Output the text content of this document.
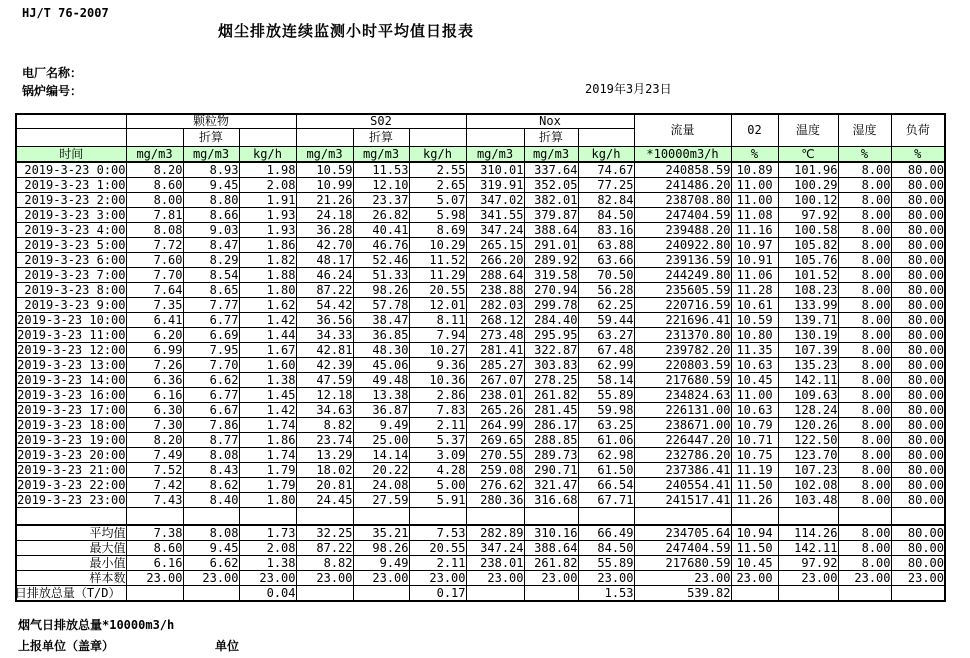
HJ/T 76-2007
烟尘排放连续监测小时平均值日报表
电厂名称：
锅炉编号：	2019年3月23日
	颗粒物			S02			Nox			流量	02	温度	湿度	负荷
		折算			折算			折算						
时间	mg/m3	mg/m3	kg/h	mg/m3	mg/m3	kg/h	mg/m3	mg/m3	kg/h	*10000m3/h	%	℃	%	%
2019-3-23 0:00	8.20	8.93	1.98	10.59	11.53	2.55	310.01	337.64	74.67	240858.59	10.89	101.96	8.00	80.00
2019-3-23 1:00	8.60	9.45	2.08	10.99	12.10	2.65	319.91	352.05	77.25	241486.20	11.00	100.29	8.00	80.00
2019-3-23 2:00	8.00	8.80	1.91	21.26	23.37	5.07	347.02	382.01	82.84	238708.80	11.00	100.12	8.00	80.00
2019-3-23 3:00	7.81	8.66	1.93	24.18	26.82	5.98	341.55	379.87	84.50	247404.59	11.08	97.92	8.00	80.00
2019-3-23 4:00	8.08	9.03	1.93	36.28	40.41	8.69	347.24	388.64	83.16	239488.20	11.16	100.58	8.00	80.00
2019-3-23 5:00	7.72	8.47	1.86	42.70	46.76	10.29	265.15	291.01	63.88	240922.80	10.97	105.82	8.00	80.00
2019-3-23 6:00	7.60	8.29	1.82	48.17	52.46	11.52	266.20	289.92	63.66	239136.59	10.91	105.76	8.00	80.00
2019-3-23 7:00	7.70	8.54	1.88	46.24	51.33	11.29	288.64	319.58	70.50	244249.80	11.06	101.52	8.00	80.00
2019-3-23 8:00	7.64	8.65	1.80	87.22	98.26	20.55	238.88	270.94	56.28	235605.59	11.28	108.23	8.00	80.00
2019-3-23 9:00	7.35	7.77	1.62	54.42	57.78	12.01	282.03	299.78	62.25	220716.59	10.61	133.99	8.00	80.00
2019-3-23 10:00	6.41	6.77	1.42	36.56	38.47	8.11	268.12	284.40	59.44	221696.41	10.59	139.71	8.00	80.00
2019-3-23 11:00	6.20	6.69	1.44	34.33	36.85	7.94	273.48	295.95	63.27	231370.80	10.80	130.19	8.00	80.00
2019-3-23 12:00	6.99	7.95	1.67	42.81	48.30	10.27	281.41	322.87	67.48	239782.20	11.35	107.39	8.00	80.00
2019-3-23 13:00	7.26	7.70	1.60	42.39	45.06	9.36	285.27	303.83	62.99	220803.59	10.63	135.23	8.00	80.00
2019-3-23 14:00	6.36	6.62	1.38	47.59	49.48	10.36	267.07	278.25	58.14	217680.59	10.45	142.11	8.00	80.00
2019-3-23 16:00	6.16	6.77	1.45	12.18	13.38	2.86	238.01	261.82	55.89	234824.63	11.00	109.63	8.00	80.00
2019-3-23 17:00	6.30	6.67	1.42	34.63	36.87	7.83	265.26	281.45	59.98	226131.00	10.63	128.24	8.00	80.00
2019-3-23 18:00	7.30	7.86	1.74	8.82	9.49	2.11	264.99	286.17	63.25	238671.00	10.79	120.26	8.00	80.00
2019-3-23 19:00	8.20	8.77	1.86	23.74	25.00	5.37	269.65	288.85	61.06	226447.20	10.71	122.50	8.00	80.00
2019-3-23 20:00	7.49	8.08	1.74	13.29	14.14	3.09	270.55	289.73	62.98	232786.20	10.75	123.70	8.00	80.00
2019-3-23 21:00	7.52	8.43	1.79	18.02	20.22	4.28	259.08	290.71	61.50	237386.41	11.19	107.23	8.00	80.00
2019-3-23 22:00	7.42	8.62	1.79	20.81	24.08	5.00	276.62	321.47	66.54	240554.41	11.50	102.08	8.00	80.00
2019-3-23 23:00	7.43	8.40	1.80	24.45	27.59	5.91	280.36	316.68	67.71	241517.41	11.26	103.48	8.00	80.00

平均值	7.38	8.08	1.73	32.25	35.21	7.53	282.89	310.16	66.49	234705.64	10.94	114.26	8.00	80.00
最大值	8.60	9.45	2.08	87.22	98.26	20.55	347.24	388.64	84.50	247404.59	11.50	142.11	8.00	80.00
最小值	6.16	6.62	1.38	8.82	9.49	2.11	238.01	261.82	55.89	217680.59	10.45	97.92	8.00	80.00
样本数	23.00	23.00	23.00	23.00	23.00	23.00	23.00	23.00	23.00	23.00	23.00	23.00	23.00	23.00

日排放总量（T/D）			0.04			0.17			1.53	539.82				
烟气日排放总量*10000m3/h
上报单位（盖章）	单位
